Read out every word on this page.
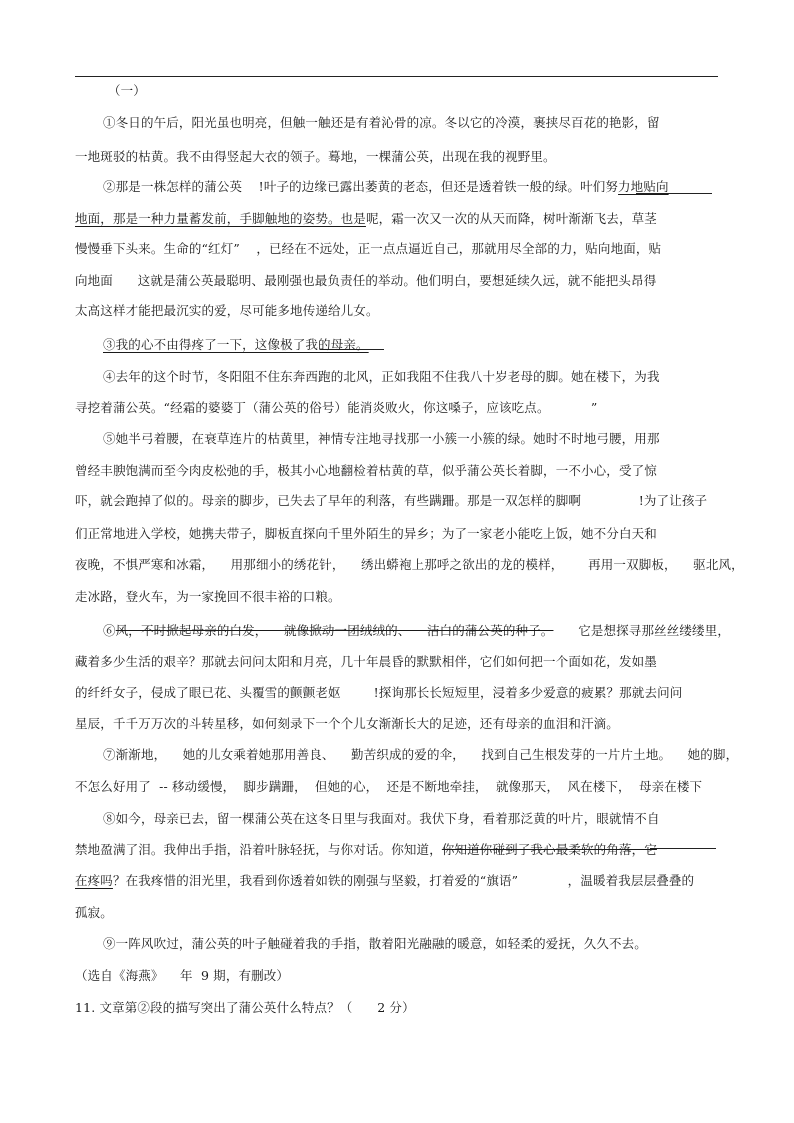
（一）
①冬日的午后，阳光虽也明亮，但触一触还是有着沁骨的凉。冬以它的冷漠，裹挟尽百花的艳影，留
一地斑驳的枯黄。我不由得竖起大衣的领子。蓦地，一棵蒲公英，出现在我的视野里。
②那是一株怎样的蒲公英    !叶子的边缘已露出萎黄的老态，但还是透着铁一般的绿。叶们努力地贴向
地面，那是一种力量蓄发前，手脚触地的姿势。也是呢，霜一次又一次的从天而降，树叶渐渐飞去，草茎
慢慢垂下头来。生命的“红灯”    ，已经在不远处，正一点点逼近自己，那就用尽全部的力，贴向地面，贴
向地面      这就是蒲公英最聪明、最刚强也最负责任的举动。他们明白，要想延续久远，就不能把头昂得
太高这样才能把最沉实的爱，尽可能多地传递给儿女。
③我的心不由得疼了一下，这像极了我的母亲。
④去年的这个时节，冬阳阻不住东奔西跑的北风，正如我阻不住我八十岁老母的脚。她在楼下，为我
寻挖着蒲公英。“经霜的婆婆丁（蒲公英的俗号）能消炎败火，你这嗓子，应该吃点。          ”
⑤她半弓着腰，在衰草连片的枯黄里，神情专注地寻找那一小簇一小簇的绿。她时不时地弓腰，用那
曾经丰腴饱满而至今肉皮松弛的手，极其小心地翻检着枯黄的草，似乎蒲公英长着脚，一不小心，受了惊
吓，就会跑掉了似的。母亲的脚步，已失去了早年的利落，有些蹒跚。那是一双怎样的脚啊              !为了让孩子
们正常地进入学校，她携夫带子，脚板直探向千里外陌生的异乡；为了一家老小能吃上饭，她不分白天和
夜晚，不惧严寒和冰霜，    用那细小的绣花针，    绣出蟒袍上那呼之欲出的龙的模样，      再用一双脚板，    驱北风，
走冰路，登火车，为一家挽回不很丰裕的口粮。
⑥风，不时掀起母亲的白发，    就像掀动一团绒绒的、    洁白的蒲公英的种子。      它是想探寻那丝丝缕缕里，
藏着多少生活的艰辛？那就去问问太阳和月亮，几十年晨昏的默默相伴，它们如何把一个面如花，发如墨
的纤纤女子，侵成了眼已花、头覆雪的颤颤老妪        !探询那长长短短里，浸着多少爱意的疲累？那就去问问
星辰，千千万万次的斗转星移，如何刻录下一个个儿女渐渐长大的足迹，还有母亲的血泪和汗滴。
⑦渐渐地，    她的儿女乘着她那用善良、    勤苦织成的爱的伞，    找到自己生根发芽的一片片土地。    她的脚，
不怎么好用了  -- 移动缓慢，  脚步蹒跚，  但她的心，  还是不断地牵挂，  就像那天，  风在楼下，  母亲在楼下
⑧如今，母亲已去，留一棵蒲公英在这冬日里与我面对。我伏下身，看着那泛黄的叶片，眼就情不自
禁地盈满了泪。我伸出手指，沿着叶脉轻抚，与你对话。你知道，你知道你碰到了我心最柔软的角落，它
在疼吗？在我疼惜的泪光里，我看到你透着如铁的刚强与坚毅，打着爱的“旗语”            ，温暖着我层层叠叠的
孤寂。
⑨一阵风吹过，蒲公英的叶子触碰着我的手指，散着阳光融融的暖意，如轻柔的爱抚，久久不去。
（选自《海燕》    年  9 期，有删改）
11. 文章第②段的描写突出了蒲公英什么特点？（      2 分）
